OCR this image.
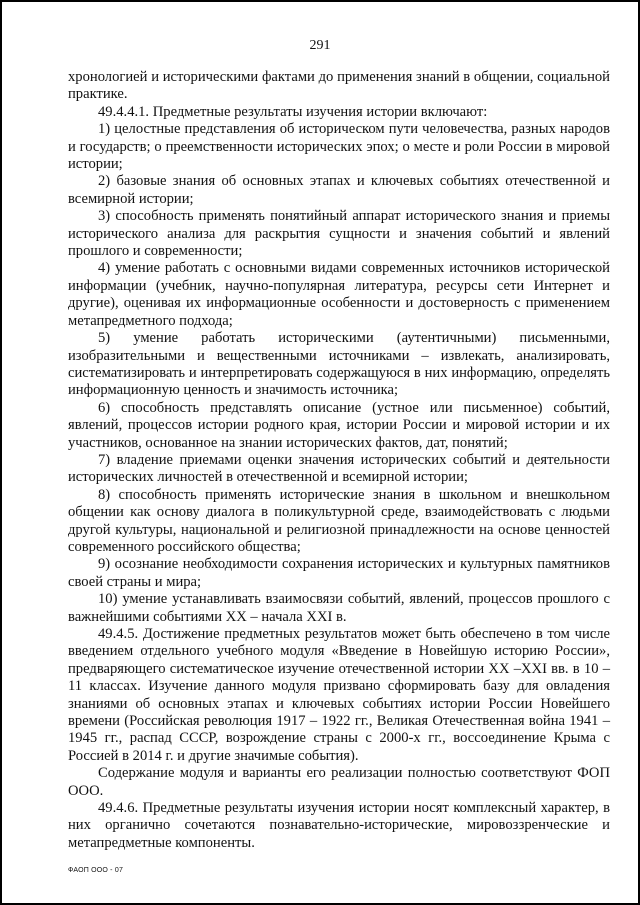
291

хронологией и историческими фактами до применения знаний в общении, социальной практике.

49.4.4.1. Предметные результаты изучения истории включают:

1) целостные представления об историческом пути человечества, разных народов и государств; о преемственности исторических эпох; о месте и роли России в мировой истории;

2) базовые знания об основных этапах и ключевых событиях отечественной и всемирной истории;

3) способность применять понятийный аппарат исторического знания и приемы исторического анализа для раскрытия сущности и значения событий и явлений прошлого и современности;

4) умение работать с основными видами современных источников исторической информации (учебник, научно-популярная литература, ресурсы сети Интернет и другие), оценивая их информационные особенности и достоверность с применением метапредметного подхода;

5) умение работать историческими (аутентичными) письменными, изобразительными и вещественными источниками – извлекать, анализировать, систематизировать и интерпретировать содержащуюся в них информацию, определять информационную ценность и значимость источника;

6) способность представлять описание (устное или письменное) событий, явлений, процессов истории родного края, истории России и мировой истории и их участников, основанное на знании исторических фактов, дат, понятий;

7) владение приемами оценки значения исторических событий и деятельности исторических личностей в отечественной и всемирной истории;

8) способность применять исторические знания в школьном и внешкольном общении как основу диалога в поликультурной среде, взаимодействовать с людьми другой культуры, национальной и религиозной принадлежности на основе ценностей современного российского общества;

9) осознание необходимости сохранения исторических и культурных памятников своей страны и мира;

10) умение устанавливать взаимосвязи событий, явлений, процессов прошлого с важнейшими событиями XX – начала XXI в.

49.4.5. Достижение предметных результатов может быть обеспечено в том числе введением отдельного учебного модуля «Введение в Новейшую историю России», предваряющего систематическое изучение отечественной истории XX –XXI вв. в 10 – 11 классах. Изучение данного модуля призвано сформировать базу для овладения знаниями об основных этапах и ключевых событиях истории России Новейшего времени (Российская революция 1917 – 1922 гг., Великая Отечественная война 1941 – 1945 гг., распад СССР, возрождение страны с 2000-х гг., воссоединение Крыма с Россией в 2014 г. и другие значимые события).

Содержание модуля и варианты его реализации полностью соответствуют ФОП ООО.

49.4.6. Предметные результаты изучения истории носят комплексный характер, в них органично сочетаются познавательно-исторические, мировоззренческие и метапредметные компоненты.

ФАОП ООО - 07
